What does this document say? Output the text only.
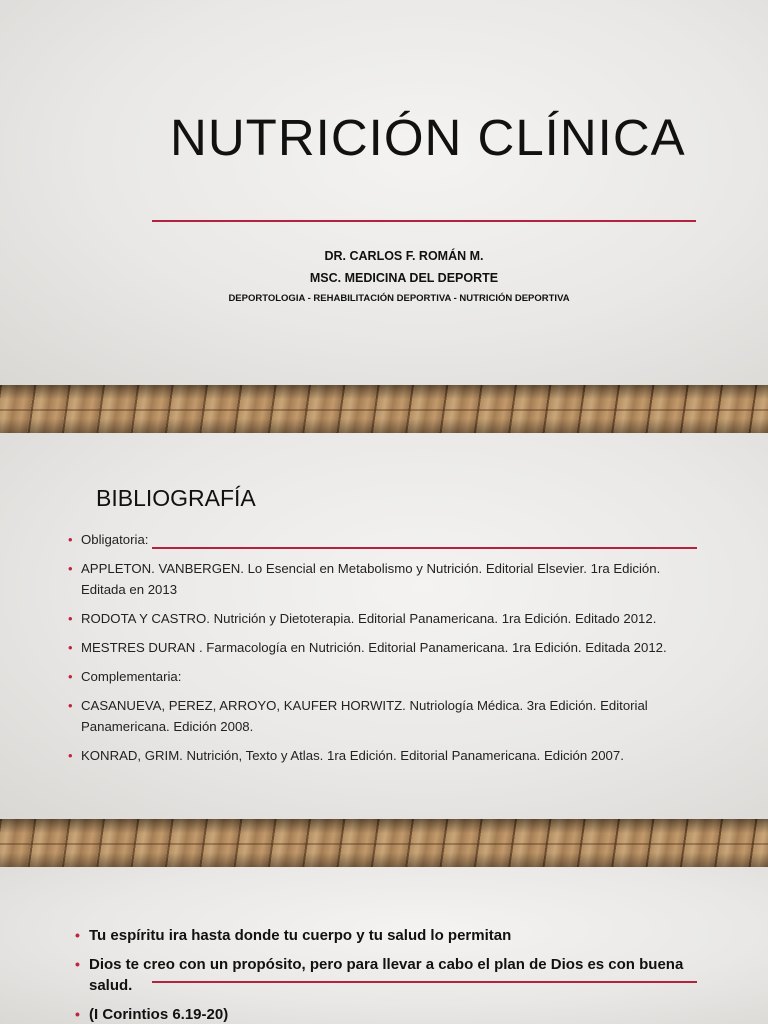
NUTRICIÓN CLÍNICA
DR. CARLOS F. ROMÁN M.
MSC. MEDICINA DEL DEPORTE
DEPORTOLOGIA - REHABILITACIÓN DEPORTIVA - NUTRICIÓN DEPORTIVA
BIBLIOGRAFÍA
• Obligatoria:
• APPLETON. VANBERGEN. Lo Esencial en Metabolismo y Nutrición. Editorial Elsevier. 1ra Edición. Editada en 2013
• RODOTA Y CASTRO. Nutrición y Dietoterapia. Editorial Panamericana. 1ra Edición. Editado 2012.
• MESTRES DURAN . Farmacología en Nutrición. Editorial Panamericana. 1ra Edición. Editada 2012.
• Complementaria:
• CASANUEVA, PEREZ, ARROYO, KAUFER HORWITZ. Nutriología Médica. 3ra Edición. Editorial Panamericana. Edición 2008.
• KONRAD, GRIM. Nutrición, Texto y Atlas. 1ra Edición. Editorial Panamericana. Edición 2007.
• Tu espíritu ira hasta donde tu cuerpo y tu salud lo permitan
• Dios te creo con un propósito, pero para llevar a cabo el plan de Dios es con buena salud.
• (I Corintios 6.19-20)
